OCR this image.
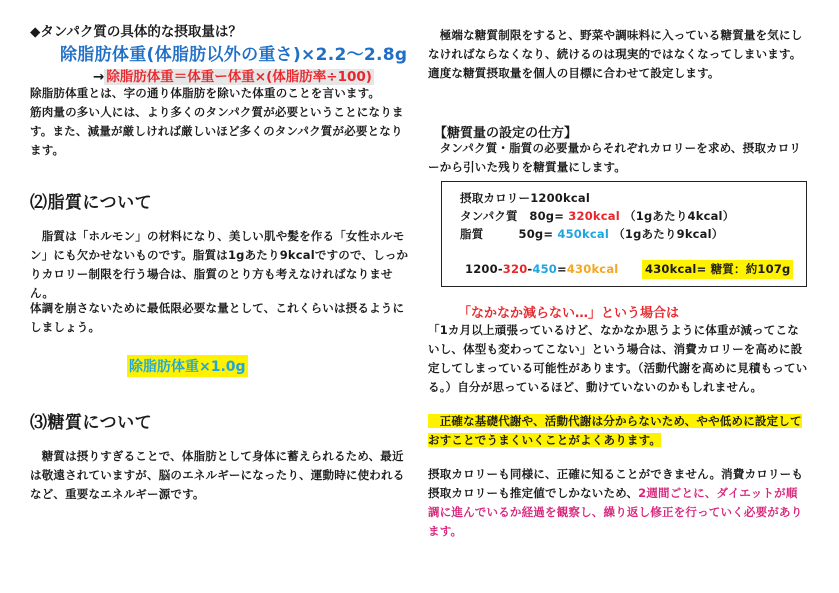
◆タンパク質の具体的な摂取量は？
除脂肪体重(体脂肪以外の重さ)×2.2～2.8g
→ 除脂肪体重＝体重ー体重×(体脂肪率÷100)

除脂肪体重とは、字の通り体脂肪を除いた体重のことを言います。

筋肉量の多い人には、より多くのタンパク質が必要ということになります。また、減量が厳しければ厳しいほど多くのタンパク質が必要となります。

⑵脂質について
　脂質は「ホルモン」の材料になり、美しい肌や髪を作る「女性ホルモン」にも欠かせないものです。脂質は1gあたり9kcalですので、しっかりカロリー制限を行う場合は、脂質のとり方も考えなければなりません。
体調を崩さないために最低限必要な量として、これくらいは摂るようにしましょう。
除脂肪体重×1.0g
⑶糖質について
　糖質は摂りすぎることで、体脂肪として身体に蓄えられるため、最近は敬遠されていますが、脳のエネルギーになったり、運動時に使われるなど、重要なエネルギー源です。
　極端な糖質制限をすると、野菜や調味料に入っている糖質量を気にしなければならなくなり、続けるのは現実的ではなくなってしまいます。適度な糖質摂取量を個人の目標に合わせて設定します。
【糖質量の設定の仕方】
　タンパク質・脂質の必要量からそれぞれカロリーを求め、摂取カロリーから引いた残りを糖質量にします。
摂取カロリー1200kcal
タンパク質　80g= 320kcal （1gあたり4kcal）
脂質　　　50g= 450kcal （1gあたり9kcal）
1200-320-450=430kcal 430kcal= 糖質：約107g
「なかなか減らない…」という場合は
「1カ月以上頑張っているけど、なかなか思うように体重が減ってこないし、体型も変わってこない」という場合は、消費カロリーを高めに設定してしまっている可能性があります。（活動代謝を高めに見積もっている。）自分が思っているほど、動けていないのかもしれません。
　正確な基礎代謝や、活動代謝は分からないため、やや低めに設定しておすことでうまくいくことがよくあります。
摂取カロリーも同様に、正確に知ることができません。消費カロリーも摂取カロリーも推定値でしかないため、2週間ごとに、ダイエットが順調に進んでいるか経過を観察し、繰り返し修正を行っていく必要があります。
